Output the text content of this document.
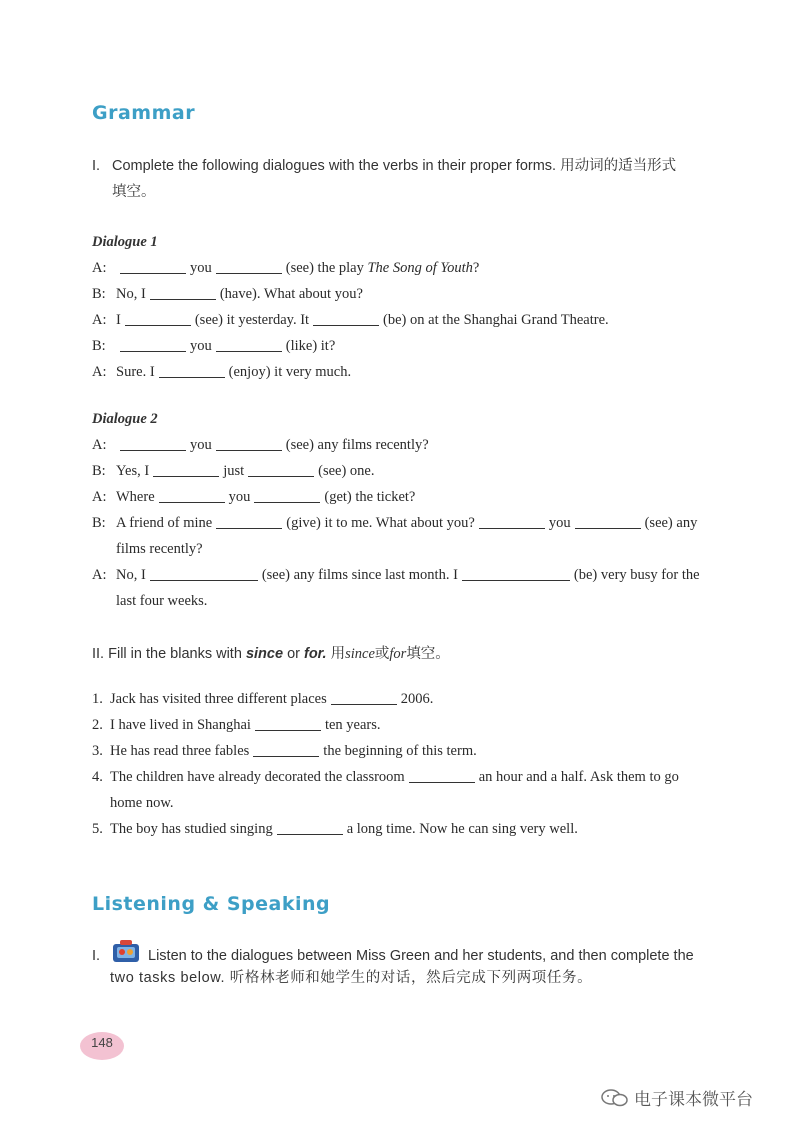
Grammar
I. Complete the following dialogues with the verbs in their proper forms. 用动词的适当形式
填空。
Dialogue 1
A:	you	(see) the play The Song of Youth?
B: No, I	(have). What about you?
A: I	(see) it yesterday. It	(be) on at the Shanghai Grand Theatre.
B:	you	(like) it?
A: Sure. I	(enjoy) it very much.
Dialogue 2
A:	you	(see) any films recently?
B: Yes, I	just	(see) one.
A: Where	you	(get) the ticket?
B: A friend of mine	(give) it to me. What about you?	you	(see) any
films recently?
A: No, I	(see) any films since last month. I	(be) very busy for the
last four weeks.
II. Fill in the blanks with since or for. 用since或for填空。
1. Jack has visited three different places	2006.
2. I have lived in Shanghai	ten years.
3. He has read three fables	the beginning of this term.
4. The children have already decorated the classroom	an hour and a half. Ask them to go
home now.
5. The boy has studied singing	a long time. Now he can sing very well.
Listening & Speaking
I.	Listen to the dialogues between Miss Green and her students, and then complete the
two tasks below. 听格林老师和她学生的对话，然后完成下列两项任务。
148
电子课本微平台
